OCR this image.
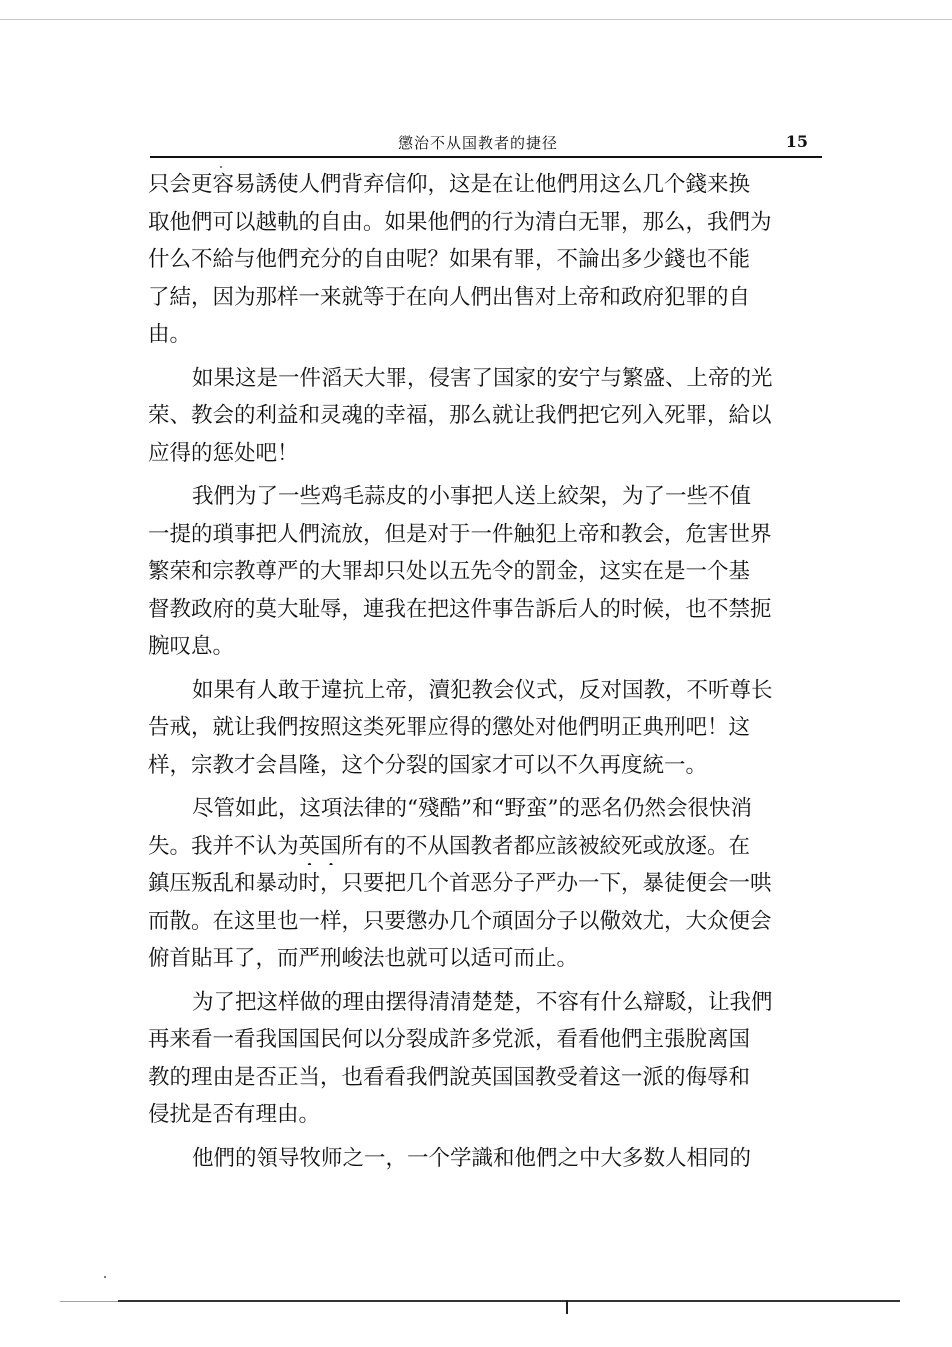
懲治不从国教者的捷径	15
只会更容易誘使人們背弃信仰，这是在让他們用这么几个錢来换
取他們可以越軌的自由。如果他們的行为清白无罪，那么，我們为
什么不給与他們充分的自由呢？如果有罪，不論出多少錢也不能
了結，因为那样一来就等于在向人們出售对上帝和政府犯罪的自
由。
如果这是一件滔天大罪，侵害了国家的安宁与繁盛、上帝的光
荣、教会的利益和灵魂的幸福，那么就让我們把它列入死罪，給以
应得的惩处吧！
我們为了一些鸡毛蒜皮的小事把人送上絞架，为了一些不值
一提的瑣事把人們流放，但是对于一件触犯上帝和教会，危害世界
繁荣和宗教尊严的大罪却只处以五先令的罰金，这实在是一个基
督教政府的莫大耻辱，連我在把这件事告訴后人的时候，也不禁扼
腕叹息。
如果有人敢于違抗上帝，瀆犯教会仪式，反对国教，不听尊长
告戒，就让我們按照这类死罪应得的懲处对他們明正典刑吧！这
样，宗教才会昌隆，这个分裂的国家才可以不久再度統一。
尽管如此，这項法律的“殘酷”和“野蛮”的恶名仍然会很快消
失。我并不认为英国所有的不从国教者都应該被絞死或放逐。在
鎮压叛乱和暴动时，只要把几个首恶分子严办一下，暴徒便会一哄
而散。在这里也一样，只要懲办几个頑固分子以儆效尤，大众便会
俯首貼耳了，而严刑峻法也就可以适可而止。
为了把这样做的理由摆得清清楚楚，不容有什么辯駁，让我們
再来看一看我国国民何以分裂成許多党派，看看他們主張脫离国
教的理由是否正当，也看看我們說英国国教受着这一派的侮辱和
侵扰是否有理由。
他們的領导牧师之一，一个学識和他們之中大多数人相同的
